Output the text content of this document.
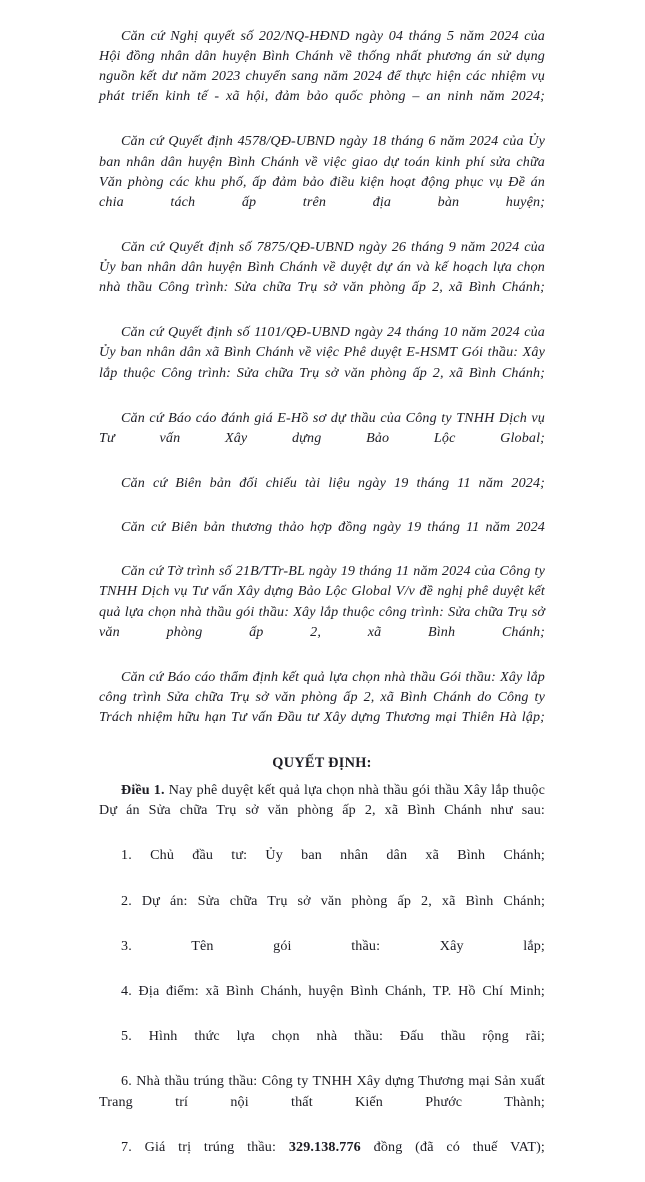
Căn cứ Nghị quyết số 202/NQ-HĐND ngày 04 tháng 5 năm 2024 của Hội đồng nhân dân huyện Bình Chánh về thống nhất phương án sử dụng nguồn kết dư năm 2023 chuyển sang năm 2024 để thực hiện các nhiệm vụ phát triển kinh tế - xã hội, đảm bảo quốc phòng – an ninh năm 2024;

Căn cứ Quyết định 4578/QĐ-UBND ngày 18 tháng 6 năm 2024 của Ủy ban nhân dân huyện Bình Chánh về việc giao dự toán kinh phí sửa chữa Văn phòng các khu phố, ấp đảm bảo điều kiện hoạt động phục vụ Đề án chia tách ấp trên địa bàn huyện;

Căn cứ Quyết định số 7875/QĐ-UBND ngày 26 tháng 9 năm 2024 của Ủy ban nhân dân huyện Bình Chánh về duyệt dự án và kế hoạch lựa chọn nhà thầu Công trình: Sửa chữa Trụ sở văn phòng ấp 2, xã Bình Chánh;

Căn cứ Quyết định số 1101/QĐ-UBND ngày 24 tháng 10 năm 2024 của Ủy ban nhân dân xã Bình Chánh về việc Phê duyệt E-HSMT Gói thầu: Xây lắp thuộc Công trình: Sửa chữa Trụ sở văn phòng ấp 2, xã Bình Chánh;

Căn cứ Báo cáo đánh giá E-Hồ sơ dự thầu của Công ty TNHH Dịch vụ Tư vấn Xây dựng Bảo Lộc Global;

Căn cứ Biên bản đối chiếu tài liệu ngày 19 tháng 11 năm 2024;

Căn cứ Biên bản thương thảo hợp đồng ngày 19 tháng 11 năm 2024

Căn cứ Tờ trình số 21B/TTr-BL ngày 19 tháng 11 năm 2024 của Công ty TNHH Dịch vụ Tư vấn Xây dựng Bảo Lộc Global V/v đề nghị phê duyệt kết quả lựa chọn nhà thầu gói thầu: Xây lắp thuộc công trình: Sửa chữa Trụ sở văn phòng ấp 2, xã Bình Chánh;

Căn cứ Báo cáo thẩm định kết quả lựa chọn nhà thầu Gói thầu: Xây lắp công trình Sửa chữa Trụ sở văn phòng ấp 2, xã Bình Chánh do Công ty Trách nhiệm hữu hạn Tư vấn Đầu tư Xây dựng Thương mại Thiên Hà lập;

QUYẾT ĐỊNH:

Điều 1. Nay phê duyệt kết quả lựa chọn nhà thầu gói thầu Xây lắp thuộc Dự án Sửa chữa Trụ sở văn phòng ấp 2, xã Bình Chánh như sau:

1. Chủ đầu tư: Ủy ban nhân dân xã Bình Chánh;

2. Dự án: Sửa chữa Trụ sở văn phòng ấp 2, xã Bình Chánh;

3. Tên gói thầu: Xây lắp;

4. Địa điểm: xã Bình Chánh, huyện Bình Chánh, TP. Hồ Chí Minh;

5. Hình thức lựa chọn nhà thầu: Đấu thầu rộng rãi;

6. Nhà thầu trúng thầu: Công ty TNHH Xây dựng Thương mại Sản xuất Trang trí nội thất Kiến Phước Thành;

7. Giá trị trúng thầu: 329.138.776 đồng (đã có thuế VAT);
